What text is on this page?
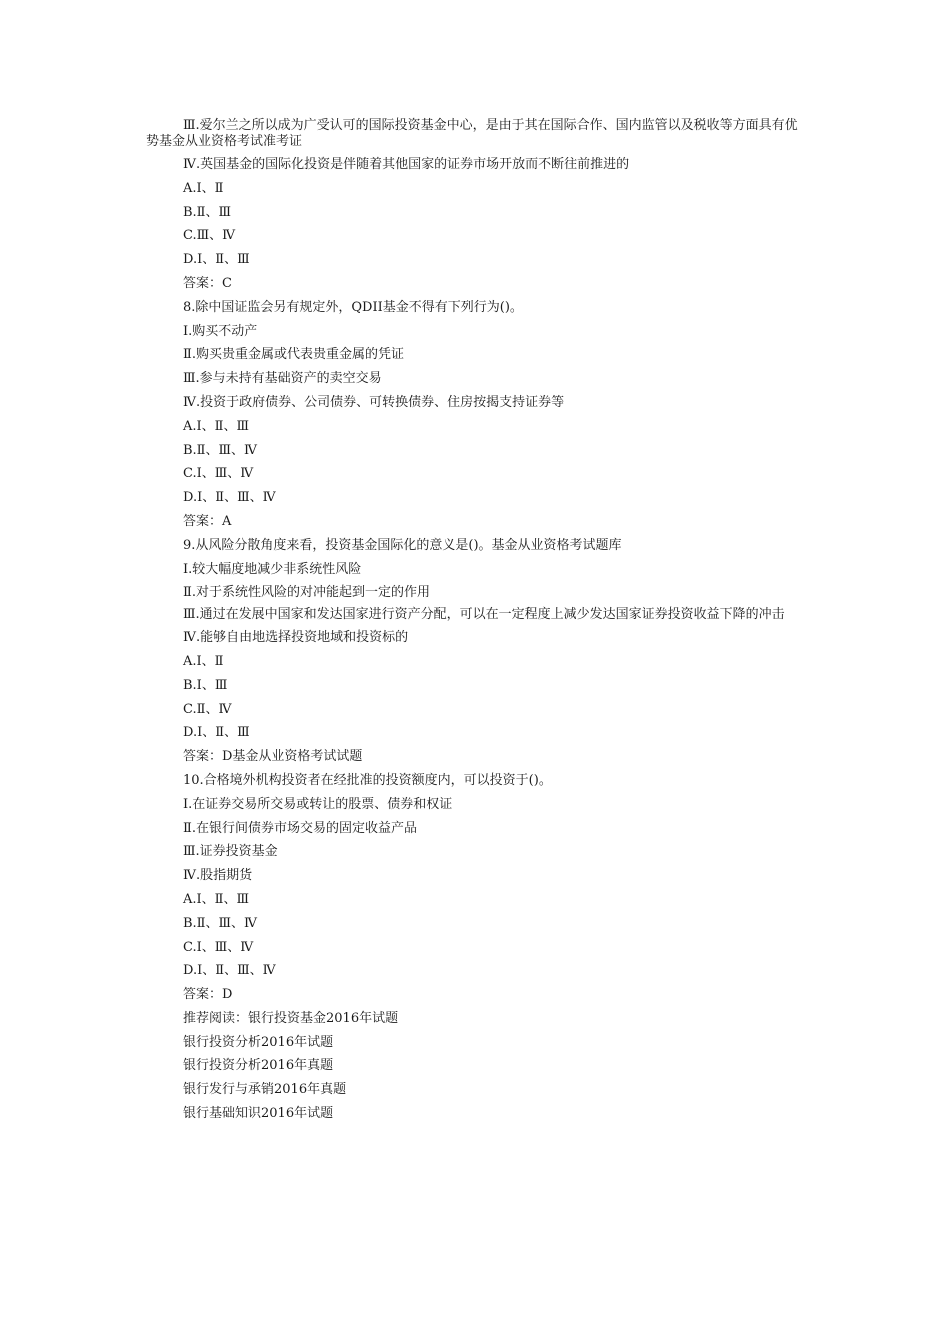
Ⅲ.爱尔兰之所以成为广受认可的国际投资基金中心，是由于其在国际合作、国内监管以及税收等方面具有优势基金从业资格考试准考证
Ⅳ.英国基金的国际化投资是伴随着其他国家的证券市场开放而不断往前推进的
A.Ⅰ、Ⅱ
B.Ⅱ、Ⅲ
C.Ⅲ、Ⅳ
D.Ⅰ、Ⅱ、Ⅲ
答案：C
8.除中国证监会另有规定外，QDII基金不得有下列行为()。
Ⅰ.购买不动产
Ⅱ.购买贵重金属或代表贵重金属的凭证
Ⅲ.参与未持有基础资产的卖空交易
Ⅳ.投资于政府债券、公司债券、可转换债券、住房按揭支持证券等
A.Ⅰ、Ⅱ、Ⅲ
B.Ⅱ、Ⅲ、Ⅳ
C.Ⅰ、Ⅲ、Ⅳ
D.Ⅰ、Ⅱ、Ⅲ、Ⅳ
答案：A
9.从风险分散角度来看，投资基金国际化的意义是()。基金从业资格考试题库
Ⅰ.较大幅度地减少非系统性风险
Ⅱ.对于系统性风险的对冲能起到一定的作用
Ⅲ.通过在发展中国家和发达国家进行资产分配，可以在一定程度上减少发达国家证券投资收益下降的冲击
Ⅳ.能够自由地选择投资地域和投资标的
A.Ⅰ、Ⅱ
B.Ⅰ、Ⅲ
C.Ⅱ、Ⅳ
D.Ⅰ、Ⅱ、Ⅲ
答案：D基金从业资格考试试题
10.合格境外机构投资者在经批准的投资额度内，可以投资于()。
Ⅰ.在证券交易所交易或转让的股票、债券和权证
Ⅱ.在银行间债券市场交易的固定收益产品
Ⅲ.证券投资基金
Ⅳ.股指期货
A.Ⅰ、Ⅱ、Ⅲ
B.Ⅱ、Ⅲ、Ⅳ
C.Ⅰ、Ⅲ、Ⅳ
D.Ⅰ、Ⅱ、Ⅲ、Ⅳ
答案：D
推荐阅读：银行投资基金2016年试题
银行投资分析2016年试题
银行投资分析2016年真题
银行发行与承销2016年真题
银行基础知识2016年试题
